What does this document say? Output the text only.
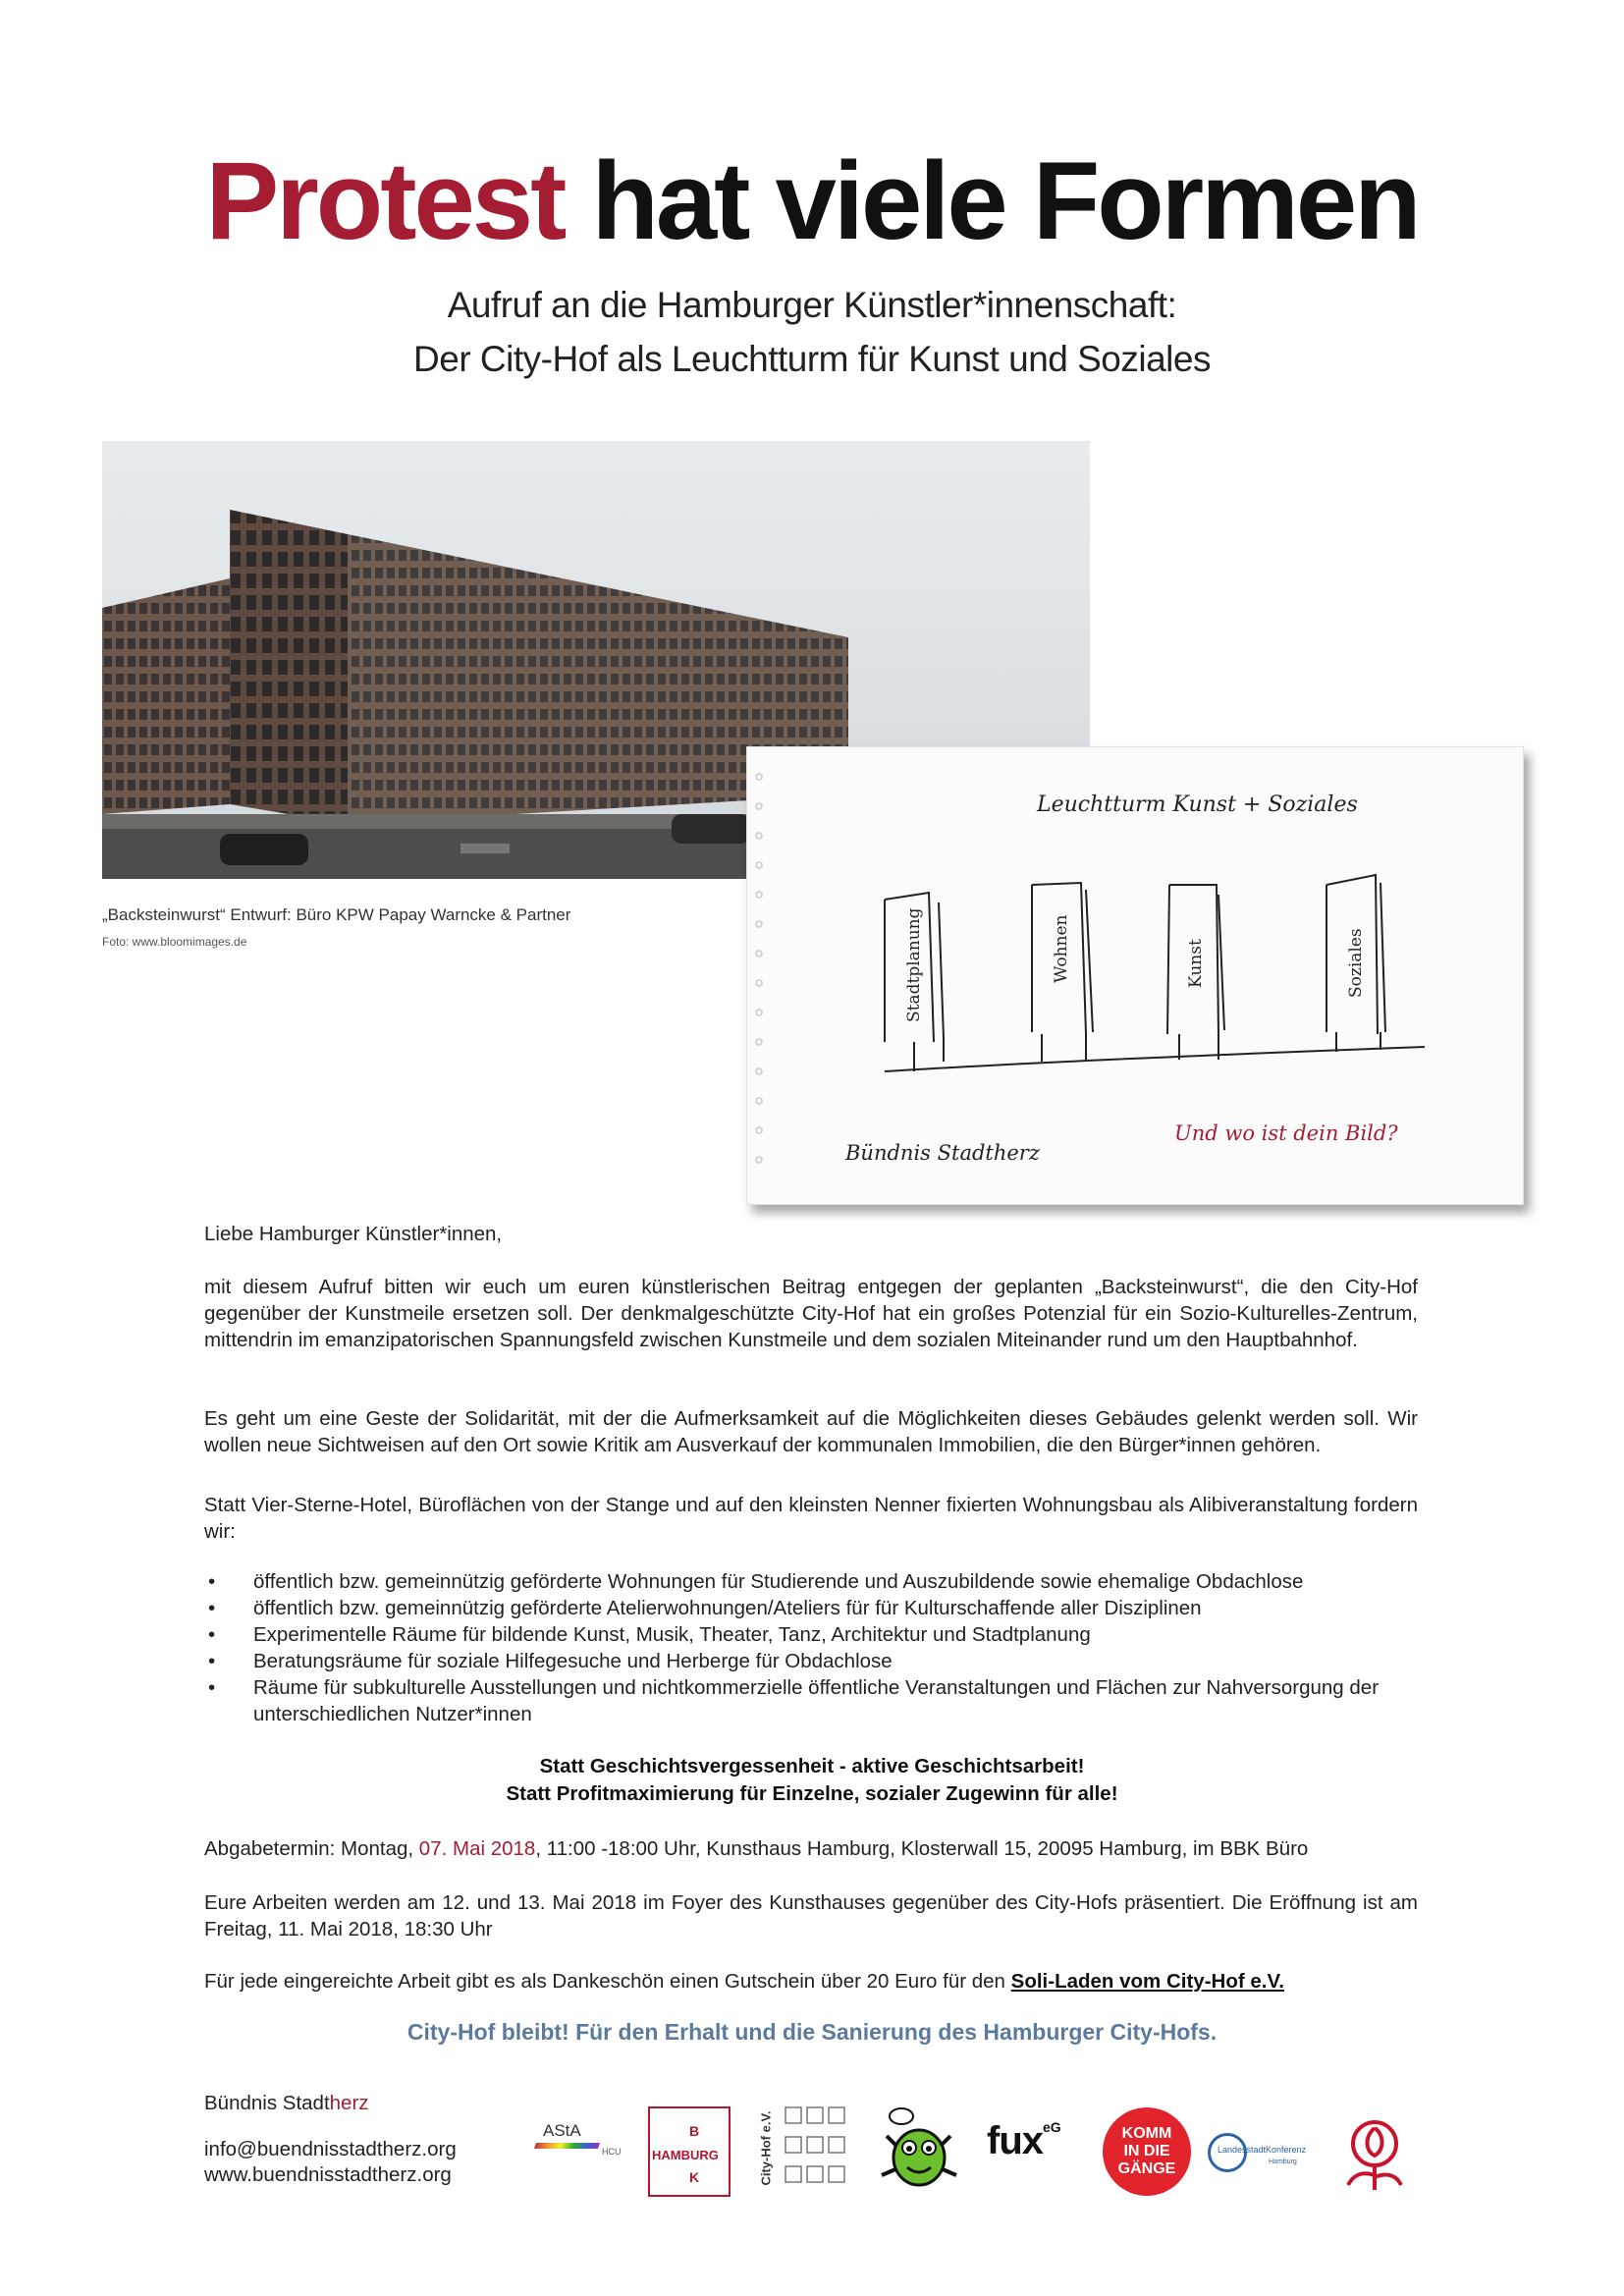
Protest hat viele Formen
Aufruf an die Hamburger Künstler*innenschaft:
Der City-Hof als Leuchtturm für Kunst und Soziales
„Backsteinwurst“ Entwurf: Büro KPW Papay Warncke & Partner
Foto: www.bloomimages.de	Stadtplanung	Wohnen	Kunst	Soziales
Leuchtturm Kunst + Soziales
Bündnis Stadtherz
Und wo ist dein Bild?
Liebe Hamburger Künstler*innen,
mit diesem Aufruf bitten wir euch um euren künstlerischen Beitrag entgegen der geplanten „Backsteinwurst“, die den City-Hof gegenüber der Kunstmeile ersetzen soll. Der denkmalgeschützte City-Hof hat ein großes Potenzial für ein Sozio-Kulturelles-Zentrum, mittendrin im emanzipatorischen Spannungsfeld zwischen Kunstmeile und dem sozialen Miteinander rund um den Hauptbahnhof.
Es geht um eine Geste der Solidarität, mit der die Aufmerksamkeit auf die Möglichkeiten dieses Gebäudes gelenkt werden soll. Wir wollen neue Sichtweisen auf den Ort sowie Kritik am Ausverkauf der kommunalen Immobilien, die den Bürger*innen gehören.
Statt Vier-Sterne-Hotel, Büroflächen von der Stange und auf den kleinsten Nenner fixierten Wohnungsbau als Alibiveranstaltung fordern wir:
• öffentlich bzw. gemeinnützig geförderte Wohnungen für Studierende und Auszubildende sowie ehemalige Obdachlose
• öffentlich bzw. gemeinnützig geförderte Atelierwohnungen/Ateliers für für Kulturschaffende aller Disziplinen
• Experimentelle Räume für bildende Kunst, Musik, Theater, Tanz, Architektur und Stadtplanung
• Beratungsräume für soziale Hilfegesuche und Herberge für Obdachlose
• Räume für subkulturelle Ausstellungen und nichtkommerzielle öffentliche Veranstaltungen und Flächen zur Nahversorgung der unterschiedlichen Nutzer*innen
Statt Geschichtsvergessenheit - aktive Geschichtsarbeit!
Statt Profitmaximierung für Einzelne, sozialer Zugewinn für alle!
Abgabetermin: Montag, 07. Mai 2018, 11:00 -18:00 Uhr, Kunsthaus Hamburg, Klosterwall 15, 20095 Hamburg, im BBK Büro
Eure Arbeiten werden am 12. und 13. Mai 2018 im Foyer des Kunsthauses gegenüber des City-Hofs präsentiert. Die Eröffnung ist am Freitag, 11. Mai 2018, 18:30 Uhr
Für jede eingereichte Arbeit gibt es als Dankeschön einen Gutschein über 20 Euro für den Soli-Laden vom City-Hof e.V.
City-Hof bleibt! Für den Erhalt und die Sanierung des Hamburger City-Hofs.
Bündnis Stadtherz
info@buendnisstadtherz.org
www.buendnisstadtherz.org
AStA
HCU
B
HAMBURG
K	City-Hof e.V.	fuxeG	KOMM
IN DIE
GÄNGE
LandesstadtKonferenz
Hamburg
